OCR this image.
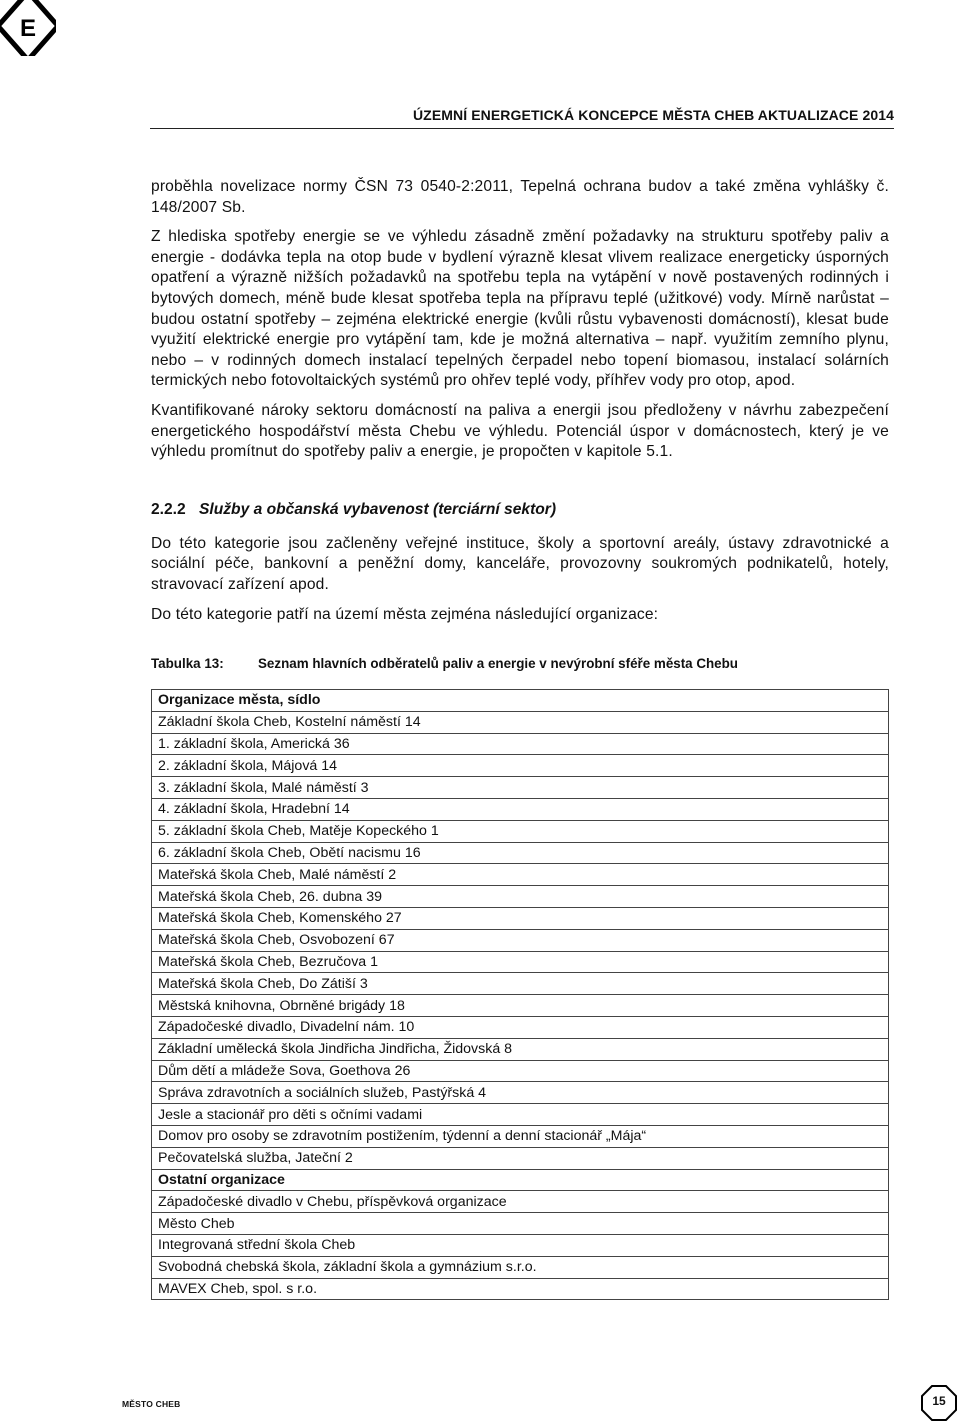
E
ÚZEMNÍ ENERGETICKÁ KONCEPCE MĚSTA CHEB AKTUALIZACE 2014

proběhla novelizace normy ČSN 73 0540-2:2011, Tepelná ochrana budov a také změna vyhlášky č. 148/2007 Sb.

Z hlediska spotřeby energie se ve výhledu zásadně změní požadavky na strukturu spotřeby paliv a energie - dodávka tepla na otop bude v bydlení výrazně klesat vlivem realizace energeticky úsporných opatření a výrazně nižších požadavků na spotřebu tepla na vytápění v nově postavených rodinných i bytových domech, méně bude klesat spotřeba tepla na přípravu teplé (užitkové) vody. Mírně narůstat – budou ostatní spotřeby – zejména elektrické energie (kvůli růstu vybavenosti domácností), klesat bude využití elektrické energie pro vytápění tam, kde je možná alternativa – např. využitím zemního plynu, nebo – v rodinných domech instalací tepelných čerpadel nebo topení biomasou, instalací solárních termických nebo fotovoltaických systémů pro ohřev teplé vody, příhřev vody pro otop, apod.

Kvantifikované nároky sektoru domácností na paliva a energii jsou předloženy v návrhu zabezpečení energetického hospodářství města Chebu ve výhledu. Potenciál úspor v domácnostech, který je ve výhledu promítnut do spotřeby paliv a energie, je propočten v kapitole 5.1.

2.2.2 Služby a občanská vybavenost (terciární sektor)

Do této kategorie jsou začleněny veřejné instituce, školy a sportovní areály, ústavy zdravotnické a sociální péče, bankovní a peněžní domy, kanceláře, provozovny soukromých podnikatelů, hotely, stravovací zařízení apod.

Do této kategorie patří na území města zejména následující organizace:

Tabulka 13:	Seznam hlavních odběratelů paliv a energie v nevýrobní sféře města Chebu
Organizace města, sídlo
Základní škola Cheb, Kostelní náměstí 14
1. základní škola, Americká 36
2. základní škola, Májová 14
3. základní škola, Malé náměstí 3
4. základní škola, Hradební 14
5. základní škola Cheb, Matěje Kopeckého 1
6. základní škola Cheb, Obětí nacismu 16
Mateřská škola Cheb, Malé náměstí 2
Mateřská škola Cheb, 26. dubna 39
Mateřská škola Cheb, Komenského 27
Mateřská škola Cheb, Osvobození 67
Mateřská škola Cheb, Bezručova 1
Mateřská škola Cheb, Do Zátiší 3
Městská knihovna, Obrněné brigády 18
Západočeské divadlo, Divadelní nám. 10
Základní umělecká škola Jindřicha Jindřicha, Židovská 8
Dům dětí a mládeže Sova, Goethova 26
Správa zdravotních a sociálních služeb, Pastýřská 4
Jesle a stacionář pro děti s očními vadami
Domov pro osoby se zdravotním postižením, týdenní a denní stacionář „Mája“
Pečovatelská služba, Jateční 2
Ostatní organizace
Západočeské divadlo v Chebu, příspěvková organizace
Město Cheb
Integrovaná střední škola Cheb
Svobodná chebská škola, základní škola a gymnázium s.r.o.
MAVEX Cheb, spol. s r.o.
MĚSTO CHEB	15
